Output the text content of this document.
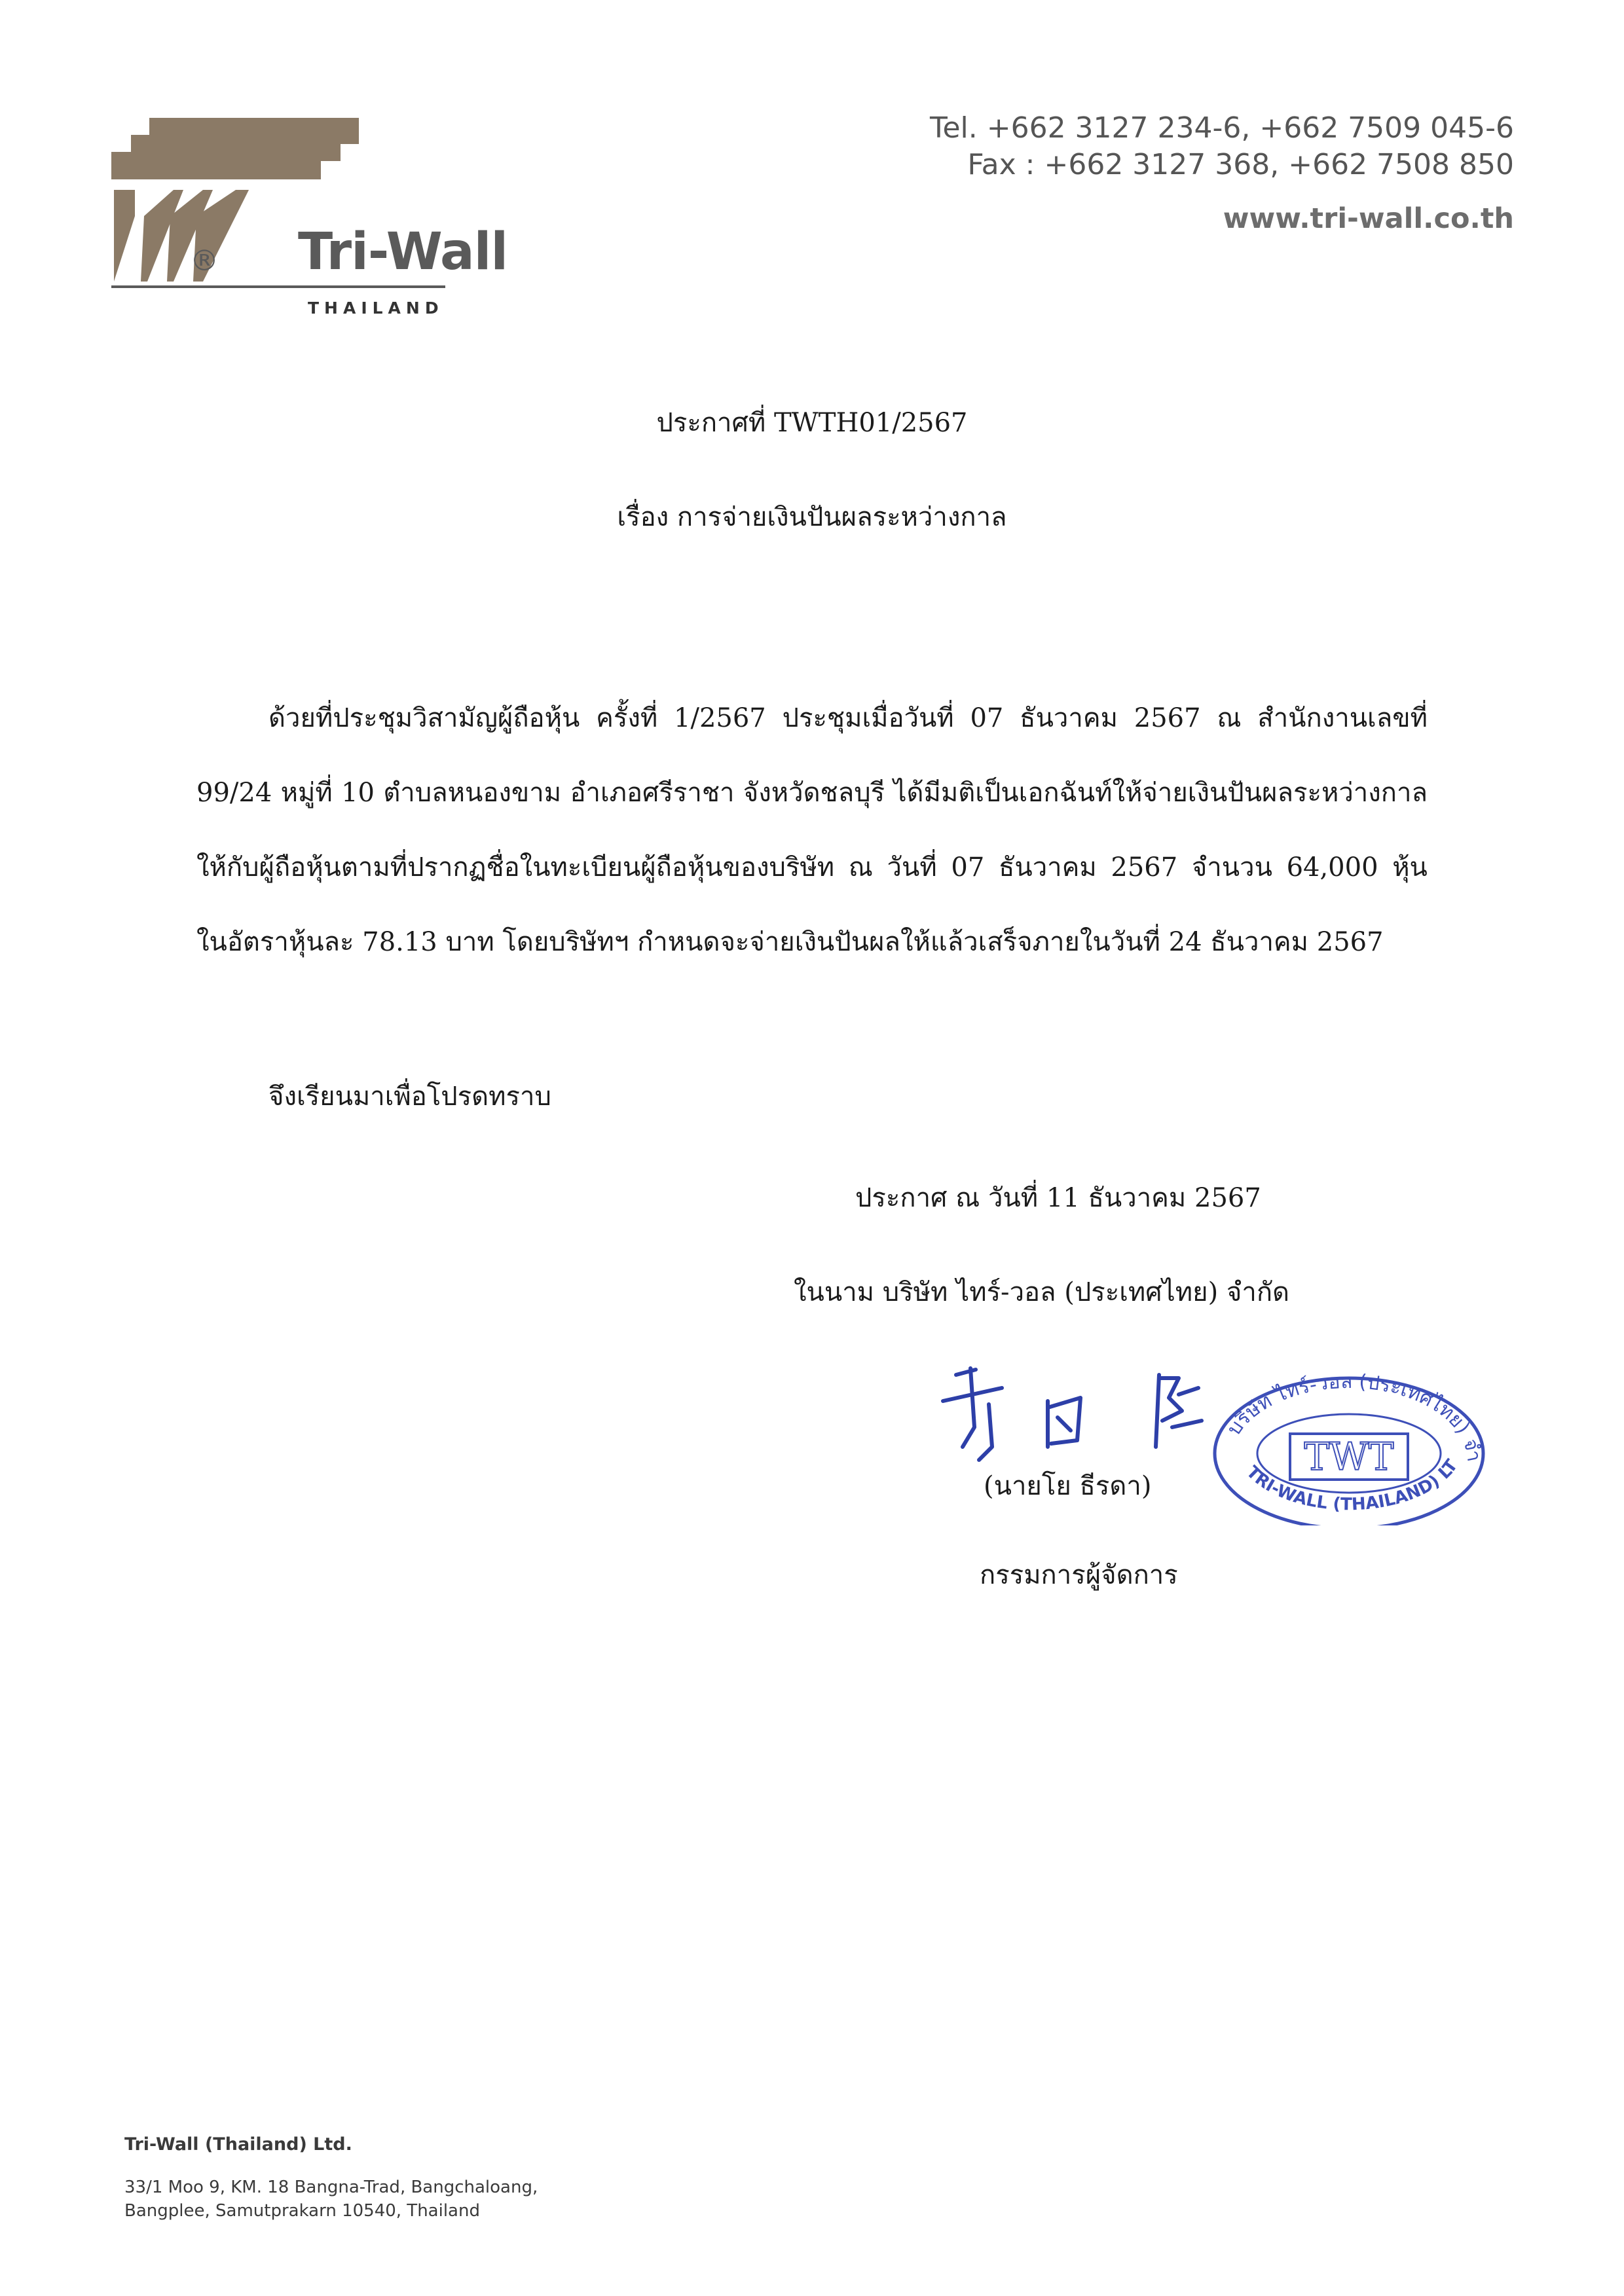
® Tri-Wall
THAILAND
Tel. +662 3127 234-6, +662 7509 045-6
Fax : +662 3127 368, +662 7508 850
www.tri-wall.co.th
ประกาศที่ TWTH01/2567
เรื่อง การจ่ายเงินปันผลระหว่างกาล
ด้วยที่ประชุมวิสามัญผู้ถือหุ้น ครั้งที่ 1/2567 ประชุมเมื่อวันที่ 07 ธันวาคม 2567 ณ สำนักงานเลขที่
99/24 หมู่ที่ 10 ตำบลหนองขาม อำเภอศรีราชา จังหวัดชลบุรี ได้มีมติเป็นเอกฉันท์ให้จ่ายเงินปันผลระหว่างกาล
ให้กับผู้ถือหุ้นตามที่ปรากฏชื่อในทะเบียนผู้ถือหุ้นของบริษัท ณ วันที่ 07 ธันวาคม 2567 จำนวน 64,000 หุ้น
ในอัตราหุ้นละ 78.13 บาท โดยบริษัทฯ กำหนดจะจ่ายเงินปันผลให้แล้วเสร็จภายในวันที่ 24 ธันวาคม 2567
จึงเรียนมาเพื่อโปรดทราบ
ประกาศ ณ วันที่ 11 ธันวาคม 2567
ในนาม บริษัท ไทร์-วอล (ประเทศไทย) จำกัด
บริษัท ไทร์-วอล (ประเทศไทย) จำ
TWT
TRI-WALL (THAILAND) LT
(นายโย ธีรดา)
กรรมการผู้จัดการ
Tri-Wall (Thailand) Ltd.
33/1 Moo 9, KM. 18 Bangna-Trad, Bangchaloang,
Bangplee, Samutprakarn 10540, Thailand
